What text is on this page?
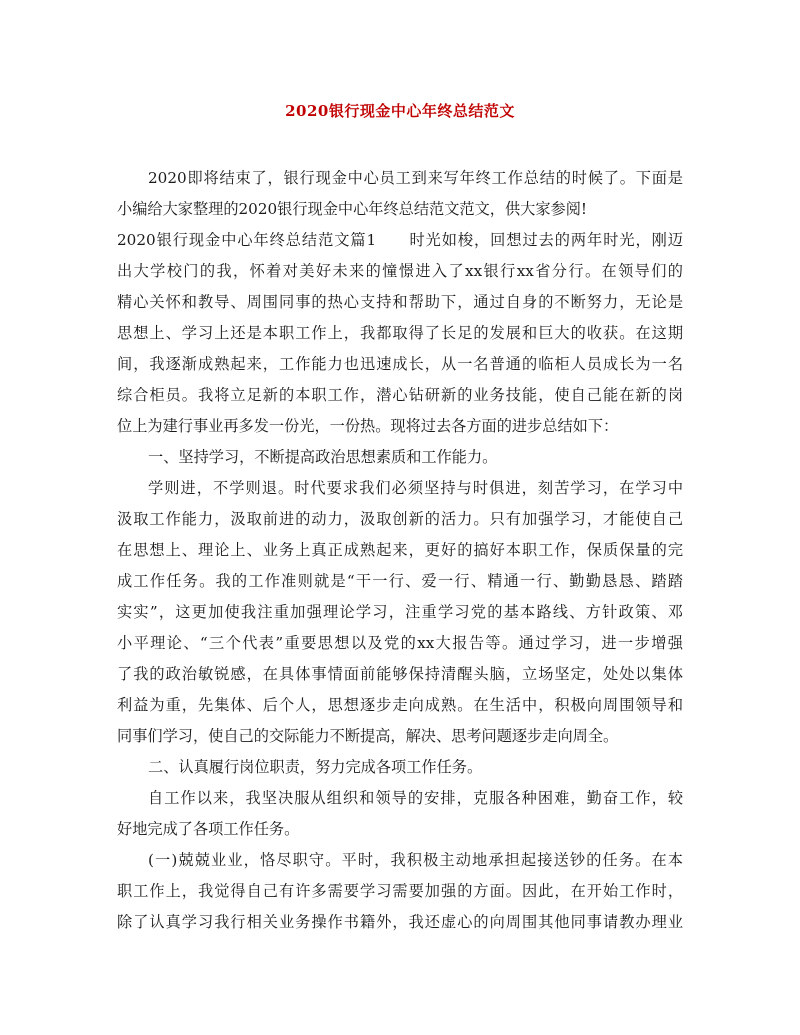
2020银行现金中心年终总结范文
2020即将结束了，银行现金中心员工到来写年终工作总结的时候了。下面是
小编给大家整理的2020银行现金中心年终总结范文范文，供大家参阅!
2020银行现金中心年终总结范文篇1　　时光如梭，回想过去的两年时光，刚迈
出大学校门的我，怀着对美好未来的憧憬进入了xx银行xx省分行。在领导们的
精心关怀和教导、周围同事的热心支持和帮助下，通过自身的不断努力，无论是
思想上、学习上还是本职工作上，我都取得了长足的发展和巨大的收获。在这期
间，我逐渐成熟起来，工作能力也迅速成长，从一名普通的临柜人员成长为一名
综合柜员。我将立足新的本职工作，潜心钻研新的业务技能，使自己能在新的岗
位上为建行事业再多发一份光，一份热。现将过去各方面的进步总结如下：
一、坚持学习，不断提高政治思想素质和工作能力。
学则进，不学则退。时代要求我们必须坚持与时俱进，刻苦学习，在学习中
汲取工作能力，汲取前进的动力，汲取创新的活力。只有加强学习，才能使自己
在思想上、理论上、业务上真正成熟起来，更好的搞好本职工作，保质保量的完
成工作任务。我的工作准则就是“干一行、爱一行、精通一行、勤勤恳恳、踏踏
实实”，这更加使我注重加强理论学习，注重学习党的基本路线、方针政策、邓
小平理论、“三个代表”重要思想以及党的xx大报告等。通过学习，进一步增强
了我的政治敏锐感，在具体事情面前能够保持清醒头脑，立场坚定，处处以集体
利益为重，先集体、后个人，思想逐步走向成熟。在生活中，积极向周围领导和
同事们学习，使自己的交际能力不断提高，解决、思考问题逐步走向周全。
二、认真履行岗位职责，努力完成各项工作任务。
自工作以来，我坚决服从组织和领导的安排，克服各种困难，勤奋工作，较
好地完成了各项工作任务。
(一)兢兢业业，恪尽职守。平时，我积极主动地承担起接送钞的任务。在本
职工作上，我觉得自己有许多需要学习需要加强的方面。因此，在开始工作时，
除了认真学习我行相关业务操作书籍外，我还虚心的向周围其他同事请教办理业
